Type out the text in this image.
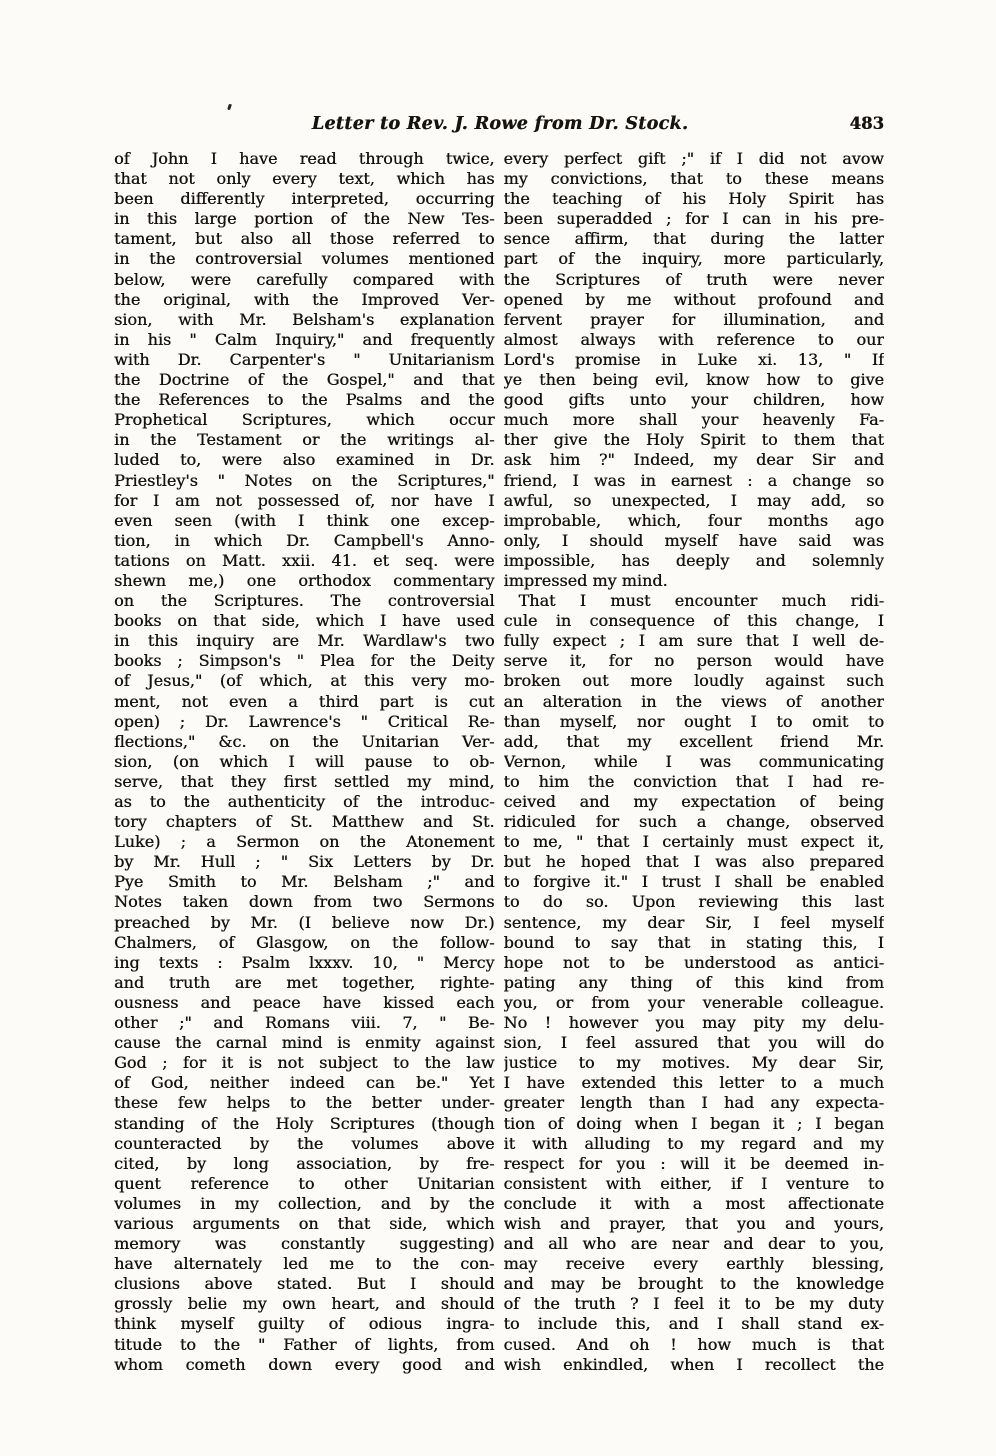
Letter to Rev. J. Rowe from Dr. Stock.	483
of John I have read through twice,
that not only every text, which has
been differently interpreted, occurring
in this large portion of the New Tes-
tament, but also all those referred to
in the controversial volumes mentioned
below, were carefully compared with
the original, with the Improved Ver-
sion, with Mr. Belsham's explanation
in his " Calm Inquiry," and frequently
with Dr. Carpenter's " Unitarianism
the Doctrine of the Gospel," and that
the References to the Psalms and the
Prophetical Scriptures, which occur
in the Testament or the writings al-
luded to, were also examined in Dr.
Priestley's " Notes on the Scriptures,"
for I am not possessed of, nor have I
even seen (with I think one excep-
tion, in which Dr. Campbell's Anno-
tations on Matt. xxii. 41. et seq. were
shewn me,) one orthodox commentary
on the Scriptures. The controversial
books on that side, which I have used
in this inquiry are Mr. Wardlaw's two
books ; Simpson's " Plea for the Deity
of Jesus," (of which, at this very mo-
ment, not even a third part is cut
open) ; Dr. Lawrence's " Critical Re-
flections," &c. on the Unitarian Ver-
sion, (on which I will pause to ob-
serve, that they first settled my mind,
as to the authenticity of the introduc-
tory chapters of St. Matthew and St.
Luke) ; a Sermon on the Atonement
by Mr. Hull ; " Six Letters by Dr.
Pye Smith to Mr. Belsham ;" and
Notes taken down from two Sermons
preached by Mr. (I believe now Dr.)
Chalmers, of Glasgow, on the follow-
ing texts : Psalm lxxxv. 10, " Mercy
and truth are met together, righte-
ousness and peace have kissed each
other ;" and Romans viii. 7, " Be-
cause the carnal mind is enmity against
God ; for it is not subject to the law
of God, neither indeed can be." Yet
these few helps to the better under-
standing of the Holy Scriptures (though
counteracted by the volumes above
cited, by long association, by fre-
quent reference to other Unitarian
volumes in my collection, and by the
various arguments on that side, which
memory was constantly suggesting)
have alternately led me to the con-
clusions above stated. But I should
grossly belie my own heart, and should
think myself guilty of odious ingra-
titude to the " Father of lights, from
whom cometh down every good and
every perfect gift ;" if I did not avow
my convictions, that to these means
the teaching of his Holy Spirit has
been superadded ; for I can in his pre-
sence affirm, that during the latter
part of the inquiry, more particularly,
the Scriptures of truth were never
opened by me without profound and
fervent prayer for illumination, and
almost always with reference to our
Lord's promise in Luke xi. 13, " If
ye then being evil, know how to give
good gifts unto your children, how
much more shall your heavenly Fa-
ther give the Holy Spirit to them that
ask him ?" Indeed, my dear Sir and
friend, I was in earnest : a change so
awful, so unexpected, I may add, so
improbable, which, four months ago
only, I should myself have said was
impossible, has deeply and solemnly
impressed my mind.
That I must encounter much ridi-
cule in consequence of this change, I
fully expect ; I am sure that I well de-
serve it, for no person would have
broken out more loudly against such
an alteration in the views of another
than myself, nor ought I to omit to
add, that my excellent friend Mr.
Vernon, while I was communicating
to him the conviction that I had re-
ceived and my expectation of being
ridiculed for such a change, observed
to me, " that I certainly must expect it,
but he hoped that I was also prepared
to forgive it." I trust I shall be enabled
to do so. Upon reviewing this last
sentence, my dear Sir, I feel myself
bound to say that in stating this, I
hope not to be understood as antici-
pating any thing of this kind from
you, or from your venerable colleague.
No ! however you may pity my delu-
sion, I feel assured that you will do
justice to my motives. My dear Sir,
I have extended this letter to a much
greater length than I had any expecta-
tion of doing when I began it ; I began
it with alluding to my regard and my
respect for you : will it be deemed in-
consistent with either, if I venture to
conclude it with a most affectionate
wish and prayer, that you and yours,
and all who are near and dear to you,
may receive every earthly blessing,
and may be brought to the knowledge
of the truth ? I feel it to be my duty
to include this, and I shall stand ex-
cused. And oh ! how much is that
wish enkindled, when I recollect the
